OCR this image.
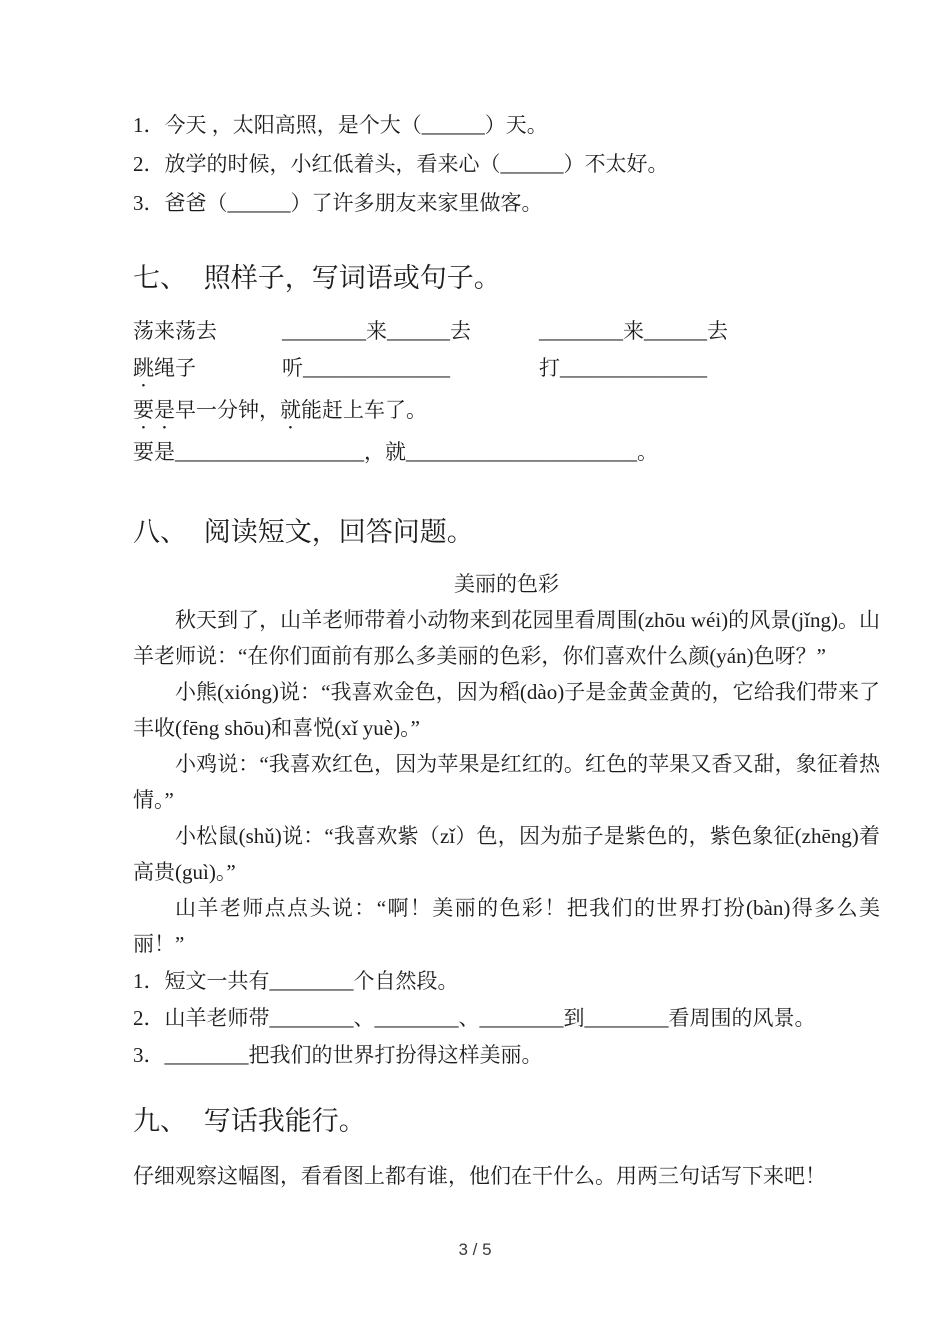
1．今天 ，太阳高照，是个大（______）天。
2．放学的时候，小红低着头，看来心（______）不太好。
3．爸爸（______）了许多朋友来家里做客。
七、 照样子，写词语或句子。
荡来荡去	________来______去	________来______去
跳绳子	听______________	打______________
要是早一分钟，就能赶上车了。
要是__________________，就______________________。
八、 阅读短文，回答问题。
美丽的色彩

秋天到了，山羊老师带着小动物来到花园里看周围(zhōu wéi)的风景(jǐng)。山羊老师说：“在你们面前有那么多美丽的色彩，你们喜欢什么颜(yán)色呀？”

小熊(xióng)说：“我喜欢金色，因为稻(dào)子是金黄金黄的，它给我们带来了丰收(fēng shōu)和喜悦(xǐ yuè)。”

小鸡说：“我喜欢红色，因为苹果是红红的。红色的苹果又香又甜，象征着热情。”

小松鼠(shǔ)说：“我喜欢紫（zǐ）色，因为茄子是紫色的，紫色象征(zhēng)着高贵(guì)。”

山羊老师点点头说：“啊！美丽的色彩！把我们的世界打扮(bàn)得多么美丽！”

1．短文一共有________个自然段。
2．山羊老师带________、________、________到________看周围的风景。
3．________把我们的世界打扮得这样美丽。
九、 写话我能行。
仔细观察这幅图，看看图上都有谁，他们在干什么。用两三句话写下来吧！
3 / 5
